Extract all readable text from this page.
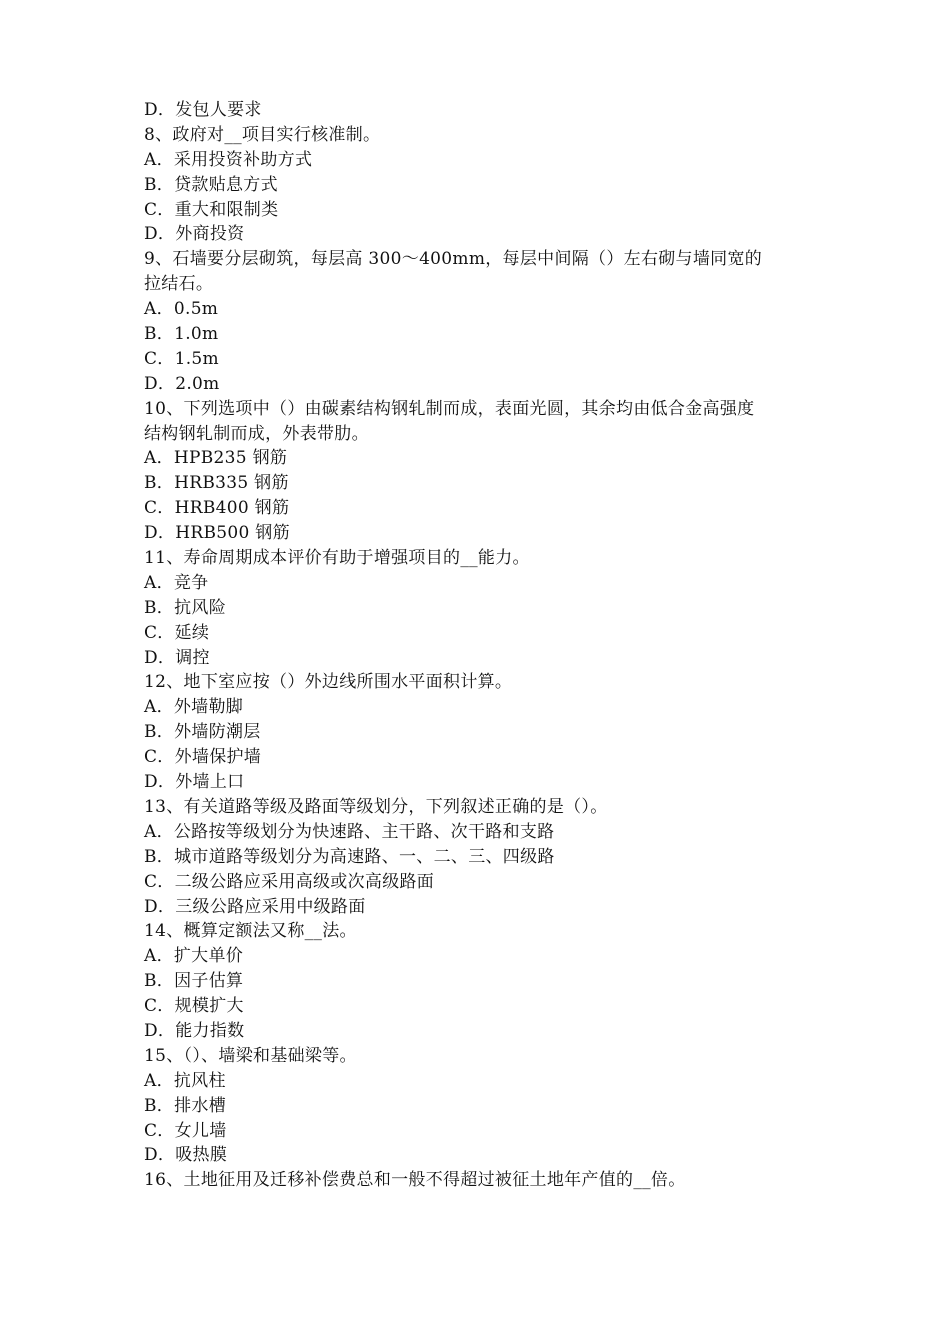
D．发包人要求
8、政府对__项目实行核准制。
A．采用投资补助方式
B．贷款贴息方式
C．重大和限制类
D．外商投资
9、石墙要分层砌筑，每层高 300～400mm，每层中间隔（）左右砌与墙同宽的
拉结石。
A．0.5m
B．1.0m
C．1.5m
D．2.0m
10、下列选项中（）由碳素结构钢轧制而成，表面光圆，其余均由低合金高强度
结构钢轧制而成，外表带肋。
A．HPB235 钢筋
B．HRB335 钢筋
C．HRB400 钢筋
D．HRB500 钢筋
11、寿命周期成本评价有助于增强项目的__能力。
A．竞争
B．抗风险
C．延续
D．调控
12、地下室应按（）外边线所围水平面积计算。
A．外墙勒脚
B．外墙防潮层
C．外墙保护墙
D．外墙上口
13、有关道路等级及路面等级划分，下列叙述正确的是（）。
A．公路按等级划分为快速路、主干路、次干路和支路
B．城市道路等级划分为高速路、一、二、三、四级路
C．二级公路应采用高级或次高级路面
D．三级公路应采用中级路面
14、概算定额法又称__法。
A．扩大单价
B．因子估算
C．规模扩大
D．能力指数
15、（）、墙梁和基础梁等。
A．抗风柱
B．排水槽
C．女儿墙
D．吸热膜
16、土地征用及迁移补偿费总和一般不得超过被征土地年产值的__倍。
